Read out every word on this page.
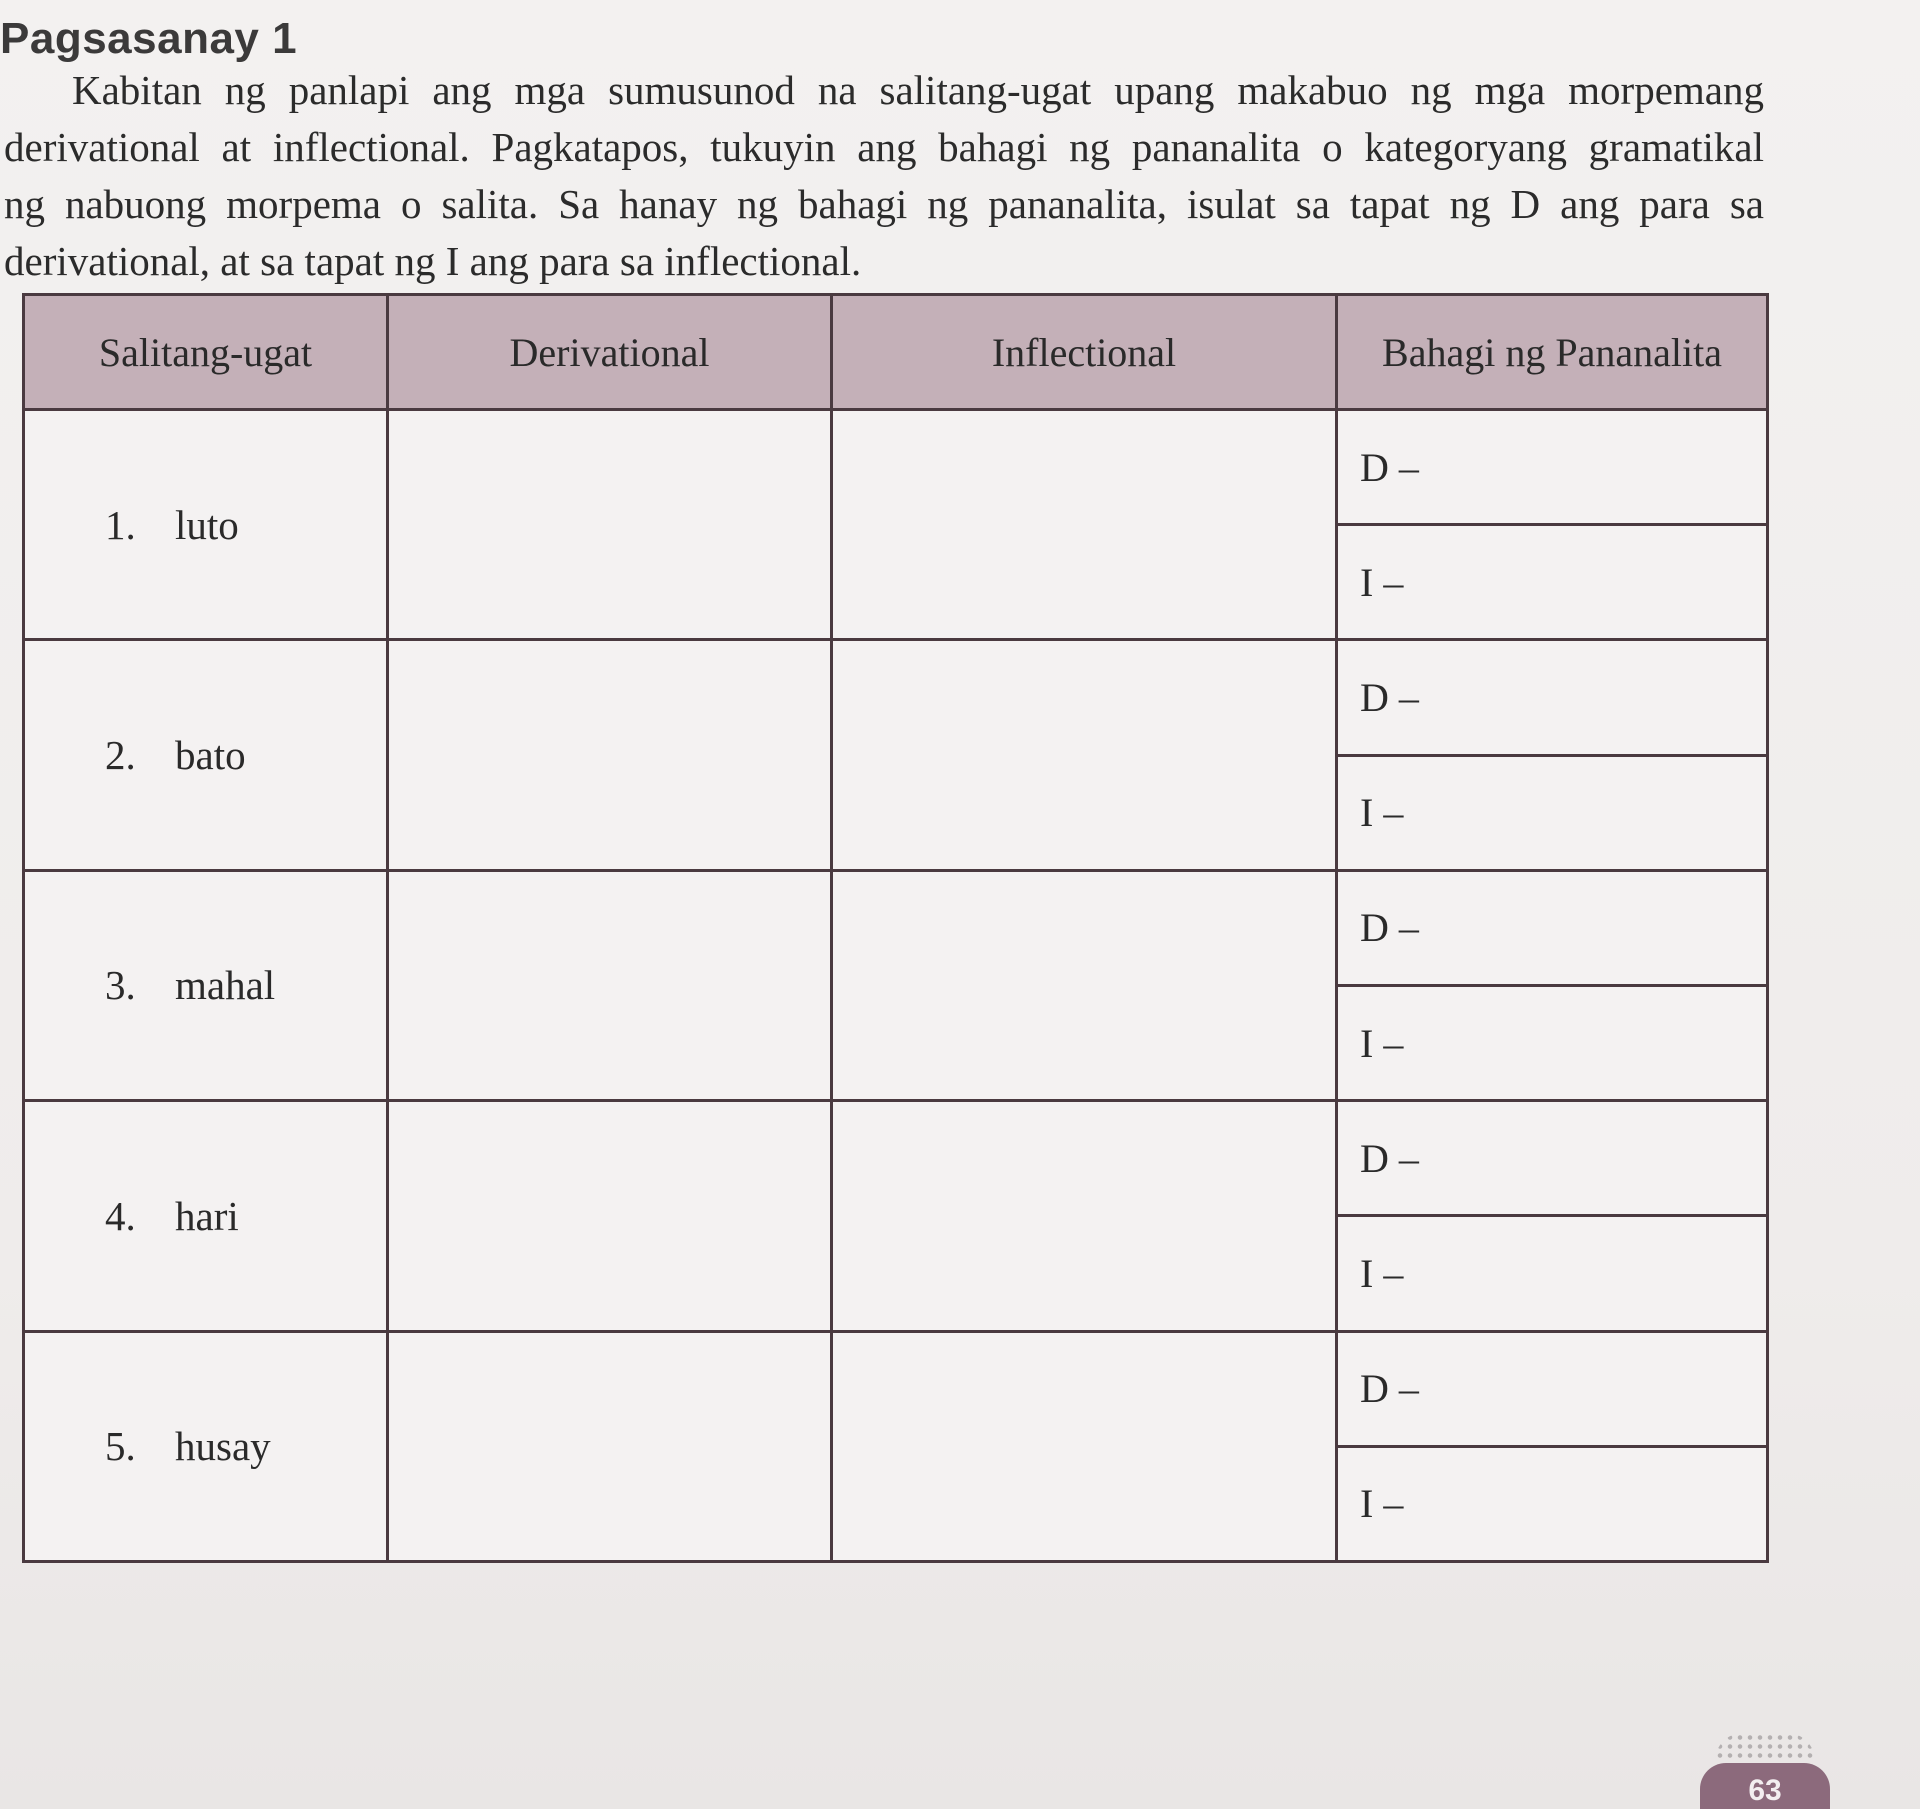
Pagsasanay 1
Kabitan ng panlapi ang mga sumusunod na salitang-ugat upang makabuo ng mga morpemang
derivational at inflectional. Pagkatapos, tukuyin ang bahagi ng pananalita o kategoryang gramatikal
ng nabuong morpema o salita. Sa hanay ng bahagi ng pananalita, isulat sa tapat ng D ang para sa
derivational, at sa tapat ng I ang para sa inflectional.
Salitang-ugat	Derivational	Inflectional	Bahagi ng Pananalita
1. luto			D –
			I –
2. bato			D –
			I –
3. mahal			D –
			I –
4. hari			D –
			I –
5. husay			D –
			I –
63
